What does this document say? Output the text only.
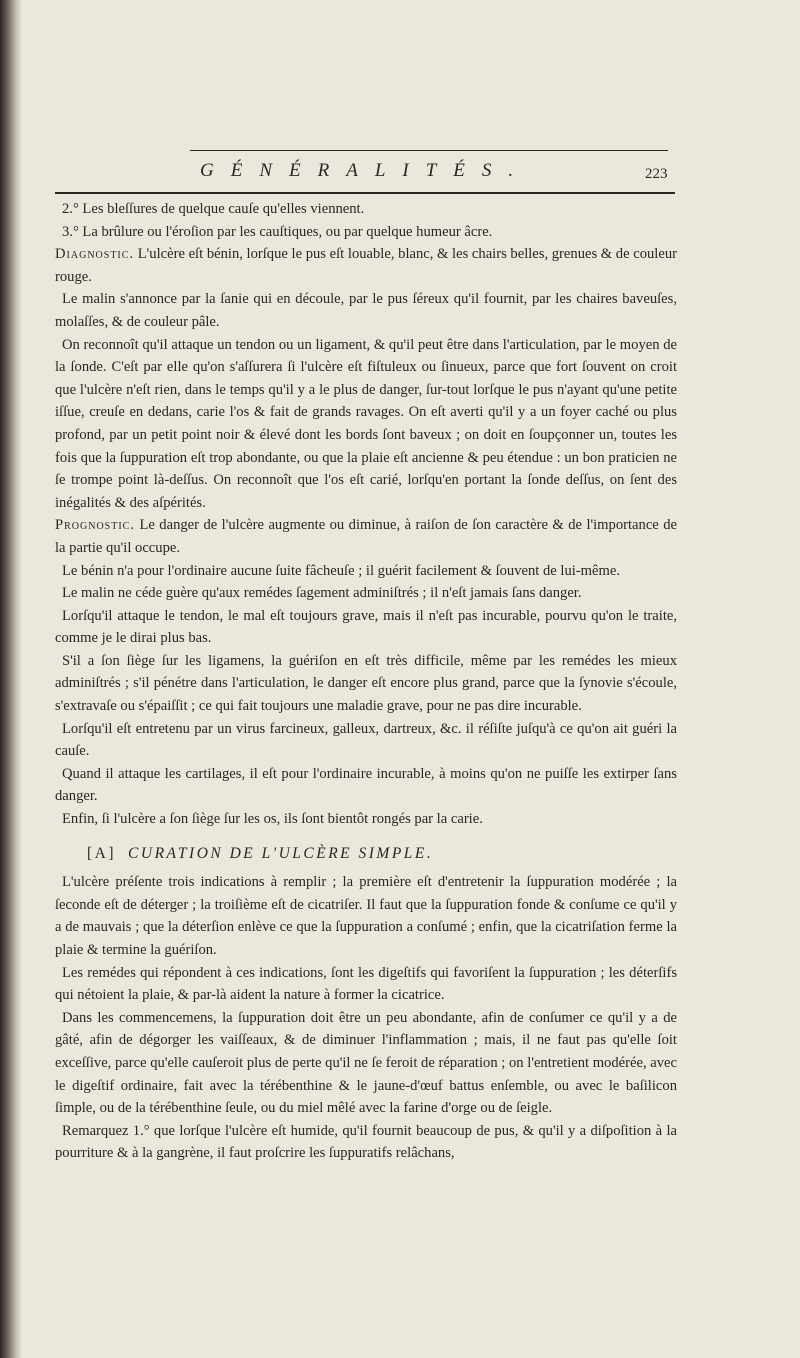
GÉNÉRALITÉS.	223

2.° Les bleſſures de quelque cauſe qu'elles viennent.

3.° La brûlure ou l'éroſion par les cauſtiques, ou par quelque humeur âcre.

Diagnostic. L'ulcère eſt bénin, lorſque le pus eſt louable, blanc, & les chairs belles, grenues & de couleur rouge.

Le malin s'annonce par la ſanie qui en découle, par le pus ſéreux qu'il fournit, par les chaires baveuſes, molaſſes, & de couleur pâle.

On reconnoît qu'il attaque un tendon ou un ligament, & qu'il peut être dans l'articulation, par le moyen de la ſonde. C'eſt par elle qu'on s'aſſurera ſi l'ulcère eſt fiſtuleux ou ſinueux, parce que fort ſouvent on croit que l'ulcère n'eſt rien, dans le temps qu'il y a le plus de danger, ſur-tout lorſque le pus n'ayant qu'une petite iſſue, creuſe en dedans, carie l'os & fait de grands ravages. On eſt averti qu'il y a un foyer caché ou plus profond, par un petit point noir & élevé dont les bords ſont baveux ; on doit en ſoupçonner un, toutes les fois que la ſuppuration eſt trop abondante, ou que la plaie eſt ancienne & peu étendue : un bon praticien ne ſe trompe point là-deſſus. On reconnoît que l'os eſt carié, lorſqu'en portant la ſonde deſſus, on ſent des inégalités & des aſpérités.

Prognostic. Le danger de l'ulcère augmente ou diminue, à raiſon de ſon caractère & de l'importance de la partie qu'il occupe.

Le bénin n'a pour l'ordinaire aucune ſuite fâcheuſe ; il guérit facilement & ſouvent de lui-même.

Le malin ne céde guère qu'aux remédes ſagement adminiſtrés ; il n'eſt jamais ſans danger.

Lorſqu'il attaque le tendon, le mal eſt toujours grave, mais il n'eſt pas incurable, pourvu qu'on le traite, comme je le dirai plus bas.

S'il a ſon ſiège ſur les ligamens, la guériſon en eſt très difficile, même par les remédes les mieux adminiſtrés ; s'il pénétre dans l'articulation, le danger eſt encore plus grand, parce que la ſynovie s'écoule, s'extravaſe ou s'épaiſſit ; ce qui fait toujours une maladie grave, pour ne pas dire incurable.

Lorſqu'il eſt entretenu par un virus farcineux, galleux, dartreux, &c. il réſiſte juſqu'à ce qu'on ait guéri la cauſe.

Quand il attaque les cartilages, il eſt pour l'ordinaire incurable, à moins qu'on ne puiſſe les extirper ſans danger.

Enfin, ſi l'ulcère a ſon ſiège ſur les os, ils ſont bientôt rongés par la carie.

[A] CURATION DE L'ULCÈRE SIMPLE.

L'ulcère préſente trois indications à remplir ; la première eſt d'entretenir la ſuppuration modérée ; la ſeconde eſt de déterger ; la troiſième eſt de cicatriſer. Il faut que la ſuppuration fonde & conſume ce qu'il y a de mauvais ; que la déterſion enlève ce que la ſuppuration a conſumé ; enfin, que la cicatriſation ferme la plaie & termine la guériſon.

Les remédes qui répondent à ces indications, ſont les digeſtifs qui favoriſent la ſuppuration ; les déterſifs qui nétoient la plaie, & par-là aident la nature à former la cicatrice.

Dans les commencemens, la ſuppuration doit être un peu abondante, afin de conſumer ce qu'il y a de gâté, afin de dégorger les vaiſſeaux, & de diminuer l'inflammation ; mais, il ne faut pas qu'elle ſoit exceſſive, parce qu'elle cauſeroit plus de perte qu'il ne ſe feroit de réparation ; on l'entretient modérée, avec le digeſtif ordinaire, fait avec la térébenthine & le jaune-d'œuf battus enſemble, ou avec le baſilicon ſimple, ou de la térébenthine ſeule, ou du miel mêlé avec la farine d'orge ou de ſeigle.

Remarquez 1.° que lorſque l'ulcère eſt humide, qu'il fournit beaucoup de pus, & qu'il y a diſpoſition à la pourriture & à la gangrène, il faut proſcrire les ſuppuratifs relâchans,
